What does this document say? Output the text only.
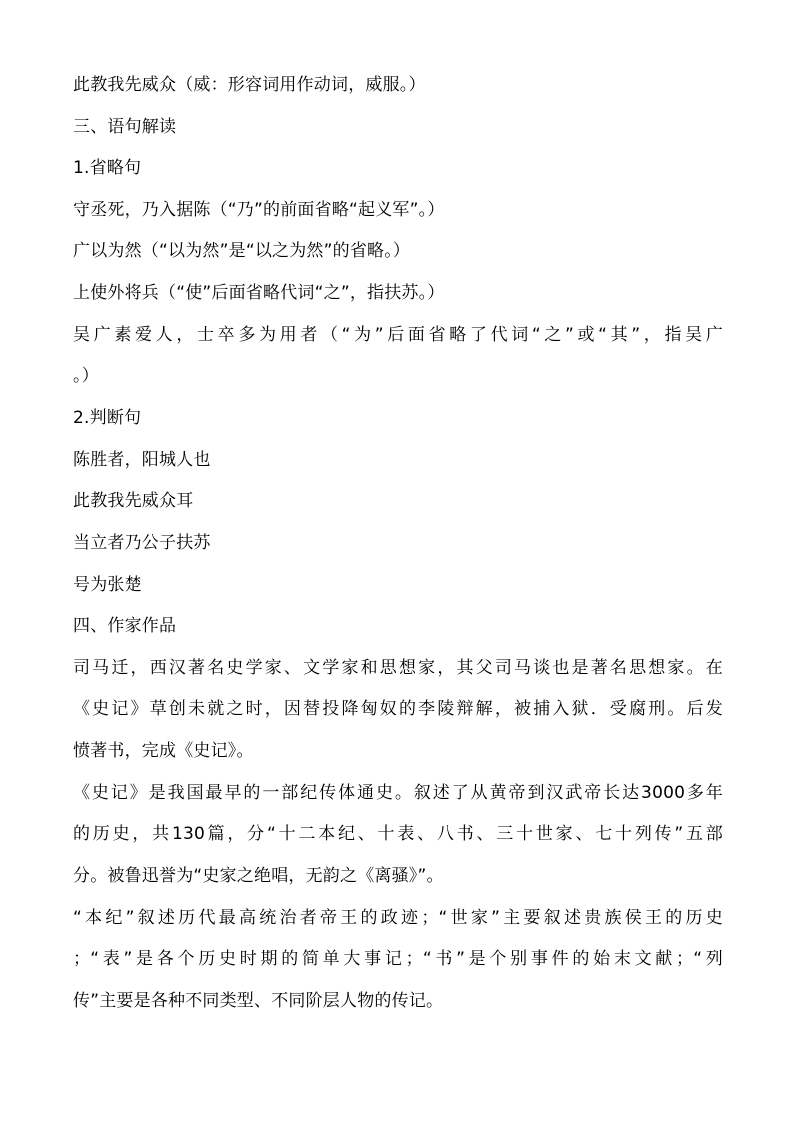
此教我先威众（威：形容词用作动词，威服。）
三、语句解读
1.省略句
守丞死，乃入据陈（“乃”的前面省略“起义军”。）
广以为然（“以为然”是“以之为然”的省略。）
上使外将兵（“使”后面省略代词“之”，指扶苏。）
吴广素爱人，士卒多为用者（“为”后面省略了代词“之”或“其”，指吴广
。）
2.判断句
陈胜者，阳城人也
此教我先威众耳
当立者乃公子扶苏
号为张楚
四、作家作品
司马迁，西汉著名史学家、文学家和思想家，其父司马谈也是著名思想家。在
《史记》草创未就之时，因替投降匈奴的李陵辩解，被捕入狱．受腐刑。后发
愤著书，完成《史记》。
《史记》是我国最早的一部纪传体通史。叙述了从黄帝到汉武帝长达3000多年
的历史，共130篇，分“十二本纪、十表、八书、三十世家、七十列传”五部
分。被鲁迅誉为“史家之绝唱，无韵之《离骚》”。
“本纪”叙述历代最高统治者帝王的政迹；“世家”主要叙述贵族侯王的历史
；“表”是各个历史时期的简单大事记；“书”是个别事件的始末文献；“列
传”主要是各种不同类型、不同阶层人物的传记。
